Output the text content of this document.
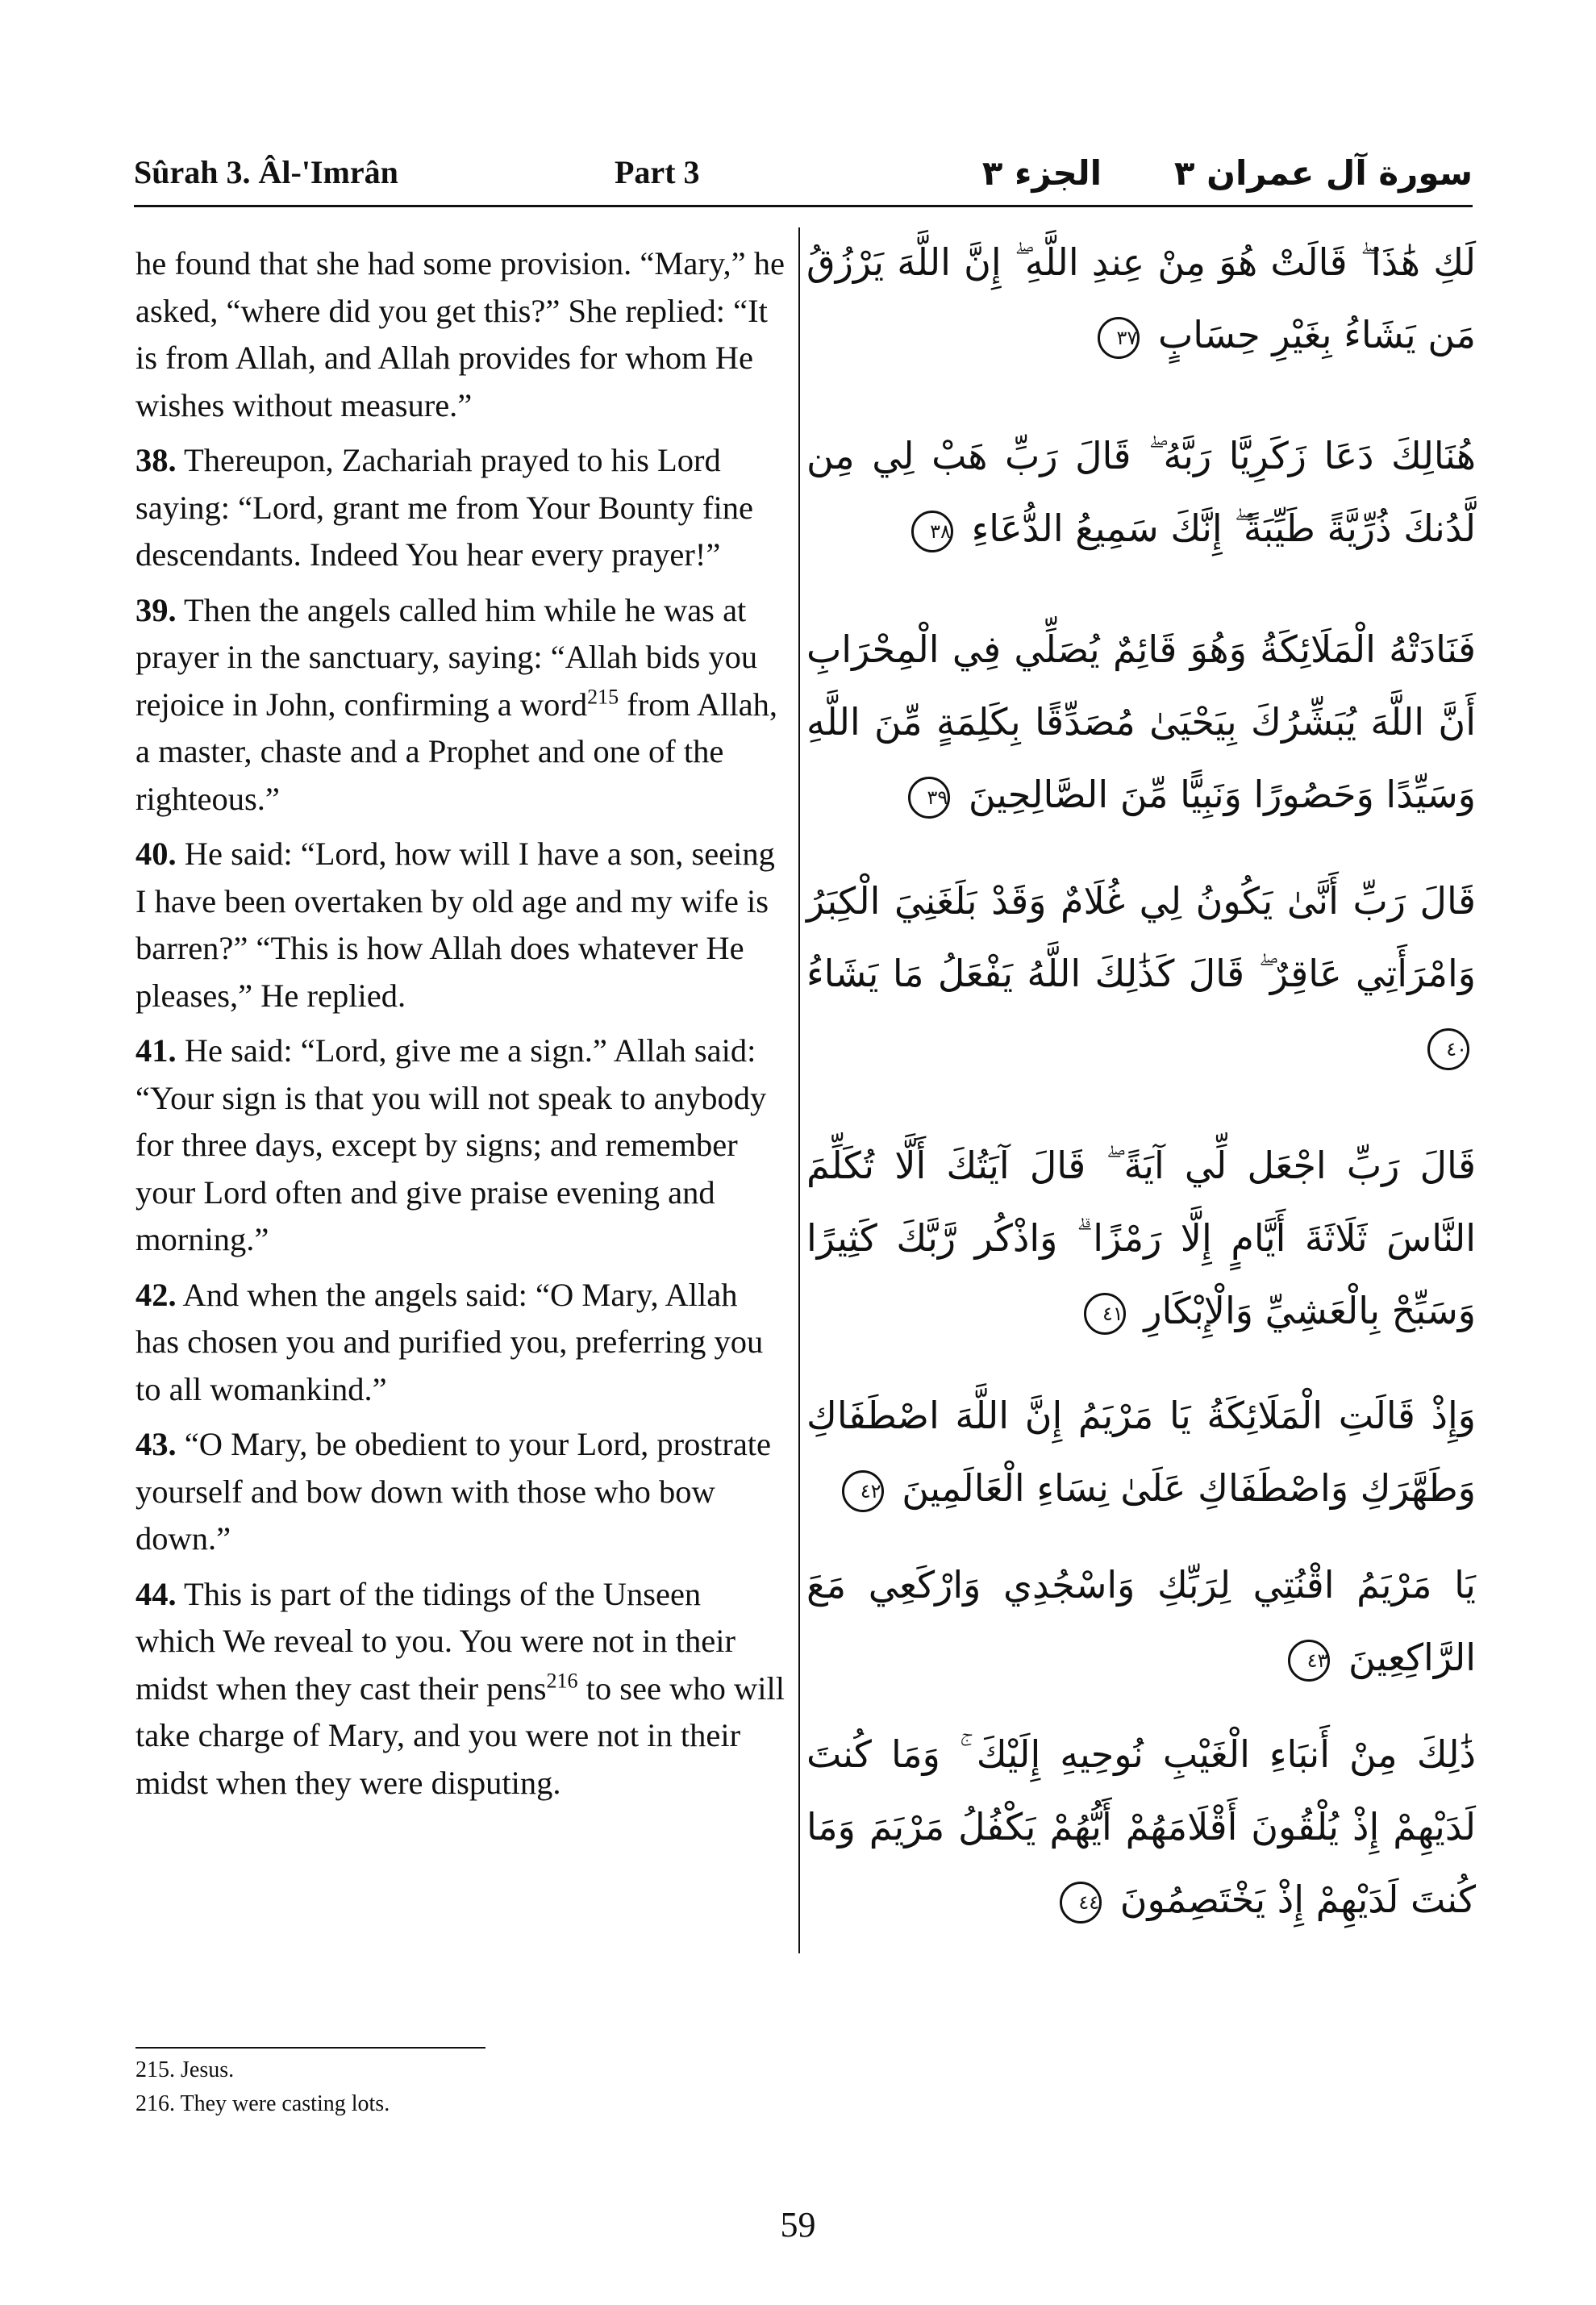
Sûrah 3. Âl-'Imrân	Part 3	الجزء ٣ سورة آل عمران ٣

he found that she had some provision. “Mary,” he asked, “where did you get this?” She replied: “It is from Allah, and Allah provides for whom He wishes without measure.”

38. Thereupon, Zachariah prayed to his Lord saying: “Lord, grant me from Your Bounty fine descendants. Indeed You hear every prayer!”

39. Then the angels called him while he was at prayer in the sanctuary, saying: “Allah bids you rejoice in John, confirming a word$^{215}$ from Allah, a master, chaste and a Prophet and one of the righteous.”

40. He said: “Lord, how will I have a son, seeing I have been overtaken by old age and my wife is barren?” “This is how Allah does whatever He pleases,” He replied.

41. He said: “Lord, give me a sign.” Allah said: “Your sign is that you will not speak to anybody for three days, except by signs; and remember your Lord often and give praise evening and morning.”

42. And when the angels said: “O Mary, Allah has chosen you and purified you, preferring you to all womankind.”

43. “O Mary, be obedient to your Lord, prostrate yourself and bow down with those who bow down.”

44. This is part of the tidings of the Unseen which We reveal to you. You were not in their midst when they cast their pens$^{216}$ to see who will take charge of Mary, and you were not in their midst when they were disputing.

لَكِ هَٰذَا ۖ قَالَتْ هُوَ مِنْ عِندِ اللَّهِ ۖ إِنَّ اللَّهَ يَرْزُقُ مَن يَشَاءُ بِغَيْرِ حِسَابٍ ٣٧

هُنَالِكَ دَعَا زَكَرِيَّا رَبَّهُ ۖ قَالَ رَبِّ هَبْ لِي مِن لَّدُنكَ ذُرِّيَّةً طَيِّبَةً ۖ إِنَّكَ سَمِيعُ الدُّعَاءِ ٣٨

فَنَادَتْهُ الْمَلَائِكَةُ وَهُوَ قَائِمٌ يُصَلِّي فِي الْمِحْرَابِ أَنَّ اللَّهَ يُبَشِّرُكَ بِيَحْيَىٰ مُصَدِّقًا بِكَلِمَةٍ مِّنَ اللَّهِ وَسَيِّدًا وَحَصُورًا وَنَبِيًّا مِّنَ الصَّالِحِينَ ٣٩

قَالَ رَبِّ أَنَّىٰ يَكُونُ لِي غُلَامٌ وَقَدْ بَلَغَنِيَ الْكِبَرُ وَامْرَأَتِي عَاقِرٌ ۖ قَالَ كَذَٰلِكَ اللَّهُ يَفْعَلُ مَا يَشَاءُ ٤٠

قَالَ رَبِّ اجْعَل لِّي آيَةً ۖ قَالَ آيَتُكَ أَلَّا تُكَلِّمَ النَّاسَ ثَلَاثَةَ أَيَّامٍ إِلَّا رَمْزًا ۗ وَاذْكُر رَّبَّكَ كَثِيرًا وَسَبِّحْ بِالْعَشِيِّ وَالْإِبْكَارِ ٤١

وَإِذْ قَالَتِ الْمَلَائِكَةُ يَا مَرْيَمُ إِنَّ اللَّهَ اصْطَفَاكِ وَطَهَّرَكِ وَاصْطَفَاكِ عَلَىٰ نِسَاءِ الْعَالَمِينَ ٤٢

يَا مَرْيَمُ اقْنُتِي لِرَبِّكِ وَاسْجُدِي وَارْكَعِي مَعَ الرَّاكِعِينَ ٤٣

ذَٰلِكَ مِنْ أَنبَاءِ الْغَيْبِ نُوحِيهِ إِلَيْكَ ۚ وَمَا كُنتَ لَدَيْهِمْ إِذْ يُلْقُونَ أَقْلَامَهُمْ أَيُّهُمْ يَكْفُلُ مَرْيَمَ وَمَا كُنتَ لَدَيْهِمْ إِذْ يَخْتَصِمُونَ ٤٤

215. Jesus.

216. They were casting lots.

59
